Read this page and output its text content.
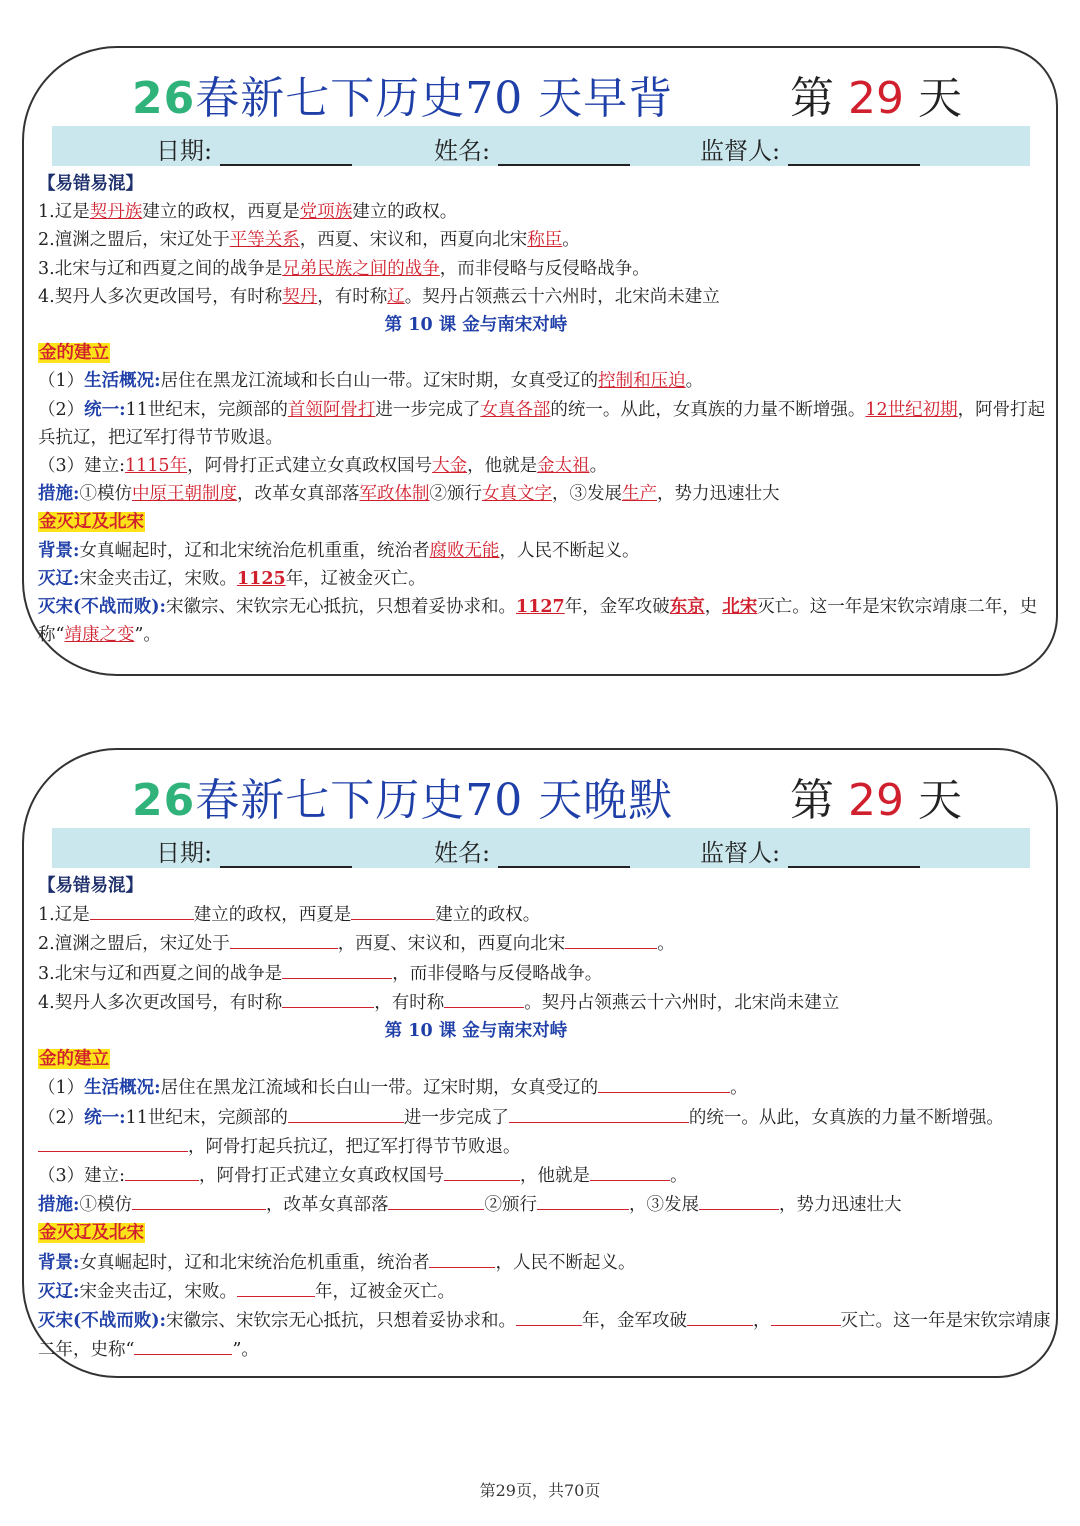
26春新七下历史70 天早背	第 29 天
日期:	姓名:	监督人:
【易错易混】
1.辽是契丹族建立的政权，西夏是党项族建立的政权。
2.澶渊之盟后，宋辽处于平等关系，西夏、宋议和，西夏向北宋称臣。
3.北宋与辽和西夏之间的战争是兄弟民族之间的战争，而非侵略与反侵略战争。
4.契丹人多次更改国号，有时称契丹，有时称辽。契丹占领燕云十六州时，北宋尚未建立
第 10 课 金与南宋对峙
金的建立
（1）生活概况:居住在黑龙江流域和长白山一带。辽宋时期，女真受辽的控制和压迫。
（2）统一:11世纪末，完颜部的首领阿骨打进一步完成了女真各部的统一。从此，女真族的力量不断增强。12世纪初期，阿骨打起兵抗辽，把辽军打得节节败退。
（3）建立:1115年，阿骨打正式建立女真政权国号大金，他就是金太祖。
措施:①模仿中原王朝制度，改革女真部落军政体制②颁行女真文字，③发展生产，势力迅速壮大
金灭辽及北宋
背景:女真崛起时，辽和北宋统治危机重重，统治者腐败无能，人民不断起义。
灭辽:宋金夹击辽，宋败。1125年，辽被金灭亡。
灭宋(不战而败):宋徽宗、宋钦宗无心抵抗，只想着妥协求和。1127年，金军攻破东京，北宋灭亡。这一年是宋钦宗靖康二年，史称“靖康之变”。
26春新七下历史70 天晚默	第 29 天
日期:	姓名:	监督人:
【易错易混】
1.辽是	建立的政权，西夏是	建立的政权。
2.澶渊之盟后，宋辽处于	，西夏、宋议和，西夏向北宋	。
3.北宋与辽和西夏之间的战争是	，而非侵略与反侵略战争。
4.契丹人多次更改国号，有时称	，有时称	。契丹占领燕云十六州时，北宋尚未建立
第 10 课 金与南宋对峙
金的建立
（1）生活概况:居住在黑龙江流域和长白山一带。辽宋时期，女真受辽的	。
（2）统一:11世纪末，完颜部的	进一步完成了	的统一。从此，女真族的力量不断增强。，阿骨打起兵抗辽，把辽军打得节节败退。
（3）建立:	，阿骨打正式建立女真政权国号	，他就是	。
措施:①模仿	，改革女真部落	②颁行	，③发展	，势力迅速壮大
金灭辽及北宋
背景:女真崛起时，辽和北宋统治危机重重，统治者	，人民不断起义。
灭辽:宋金夹击辽，宋败。	年，辽被金灭亡。
灭宋(不战而败):宋徽宗、宋钦宗无心抵抗，只想着妥协求和。	年，金军攻破	，	灭亡。这一年是宋钦宗靖康二年，史称“	”。
第29页，共70页
